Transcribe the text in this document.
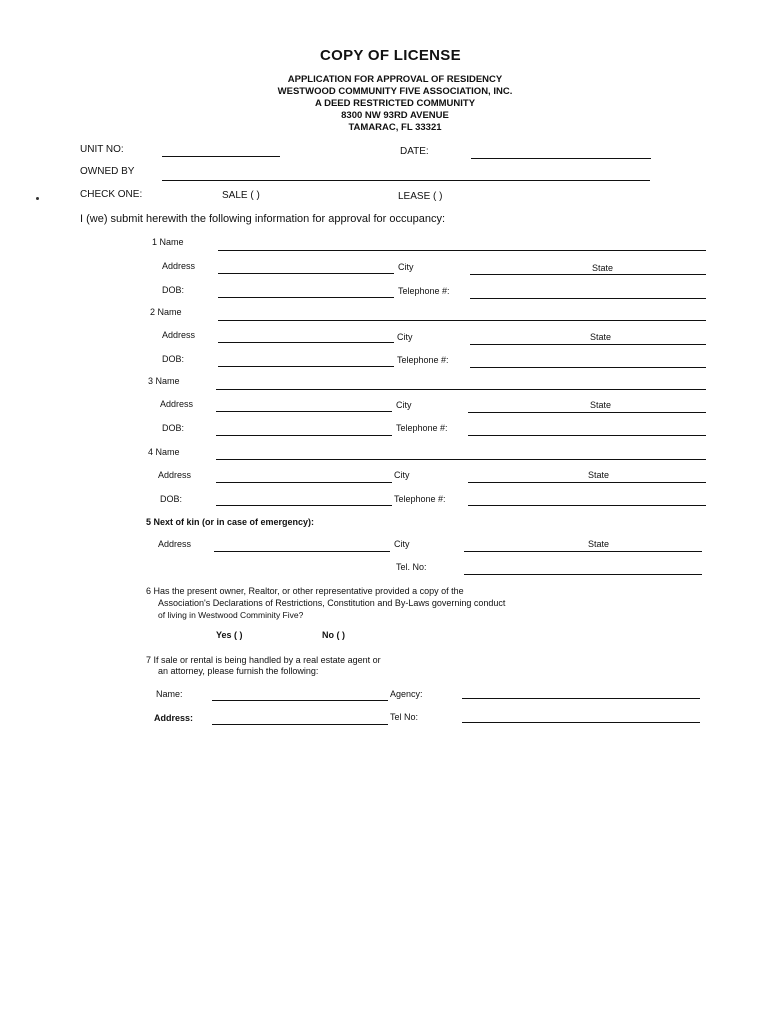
COPY OF LICENSE
APPLICATION FOR APPROVAL OF RESIDENCY
WESTWOOD COMMUNITY FIVE ASSOCIATION, INC.
A DEED RESTRICTED COMMUNITY
8300 NW 93RD AVENUE
TAMARAC, FL 33321
UNIT NO:	DATE:
OWNED BY
CHECK ONE:	SALE ( )	LEASE ( )
I (we) submit herewith the following information for approval for occupancy:
1 Name
Address	City	State
DOB:	Telephone #:
2 Name
Address	City	State
DOB:	Telephone #:
3 Name
Address	City	State
DOB:	Telephone #:
4 Name
Address	City	State
DOB:	Telephone #:
5 Next of kin (or in case of emergency):
Address	City	State
Tel. No:
6 Has the present owner, Realtor, or other representative provided a copy of the
Association's Declarations of Restrictions, Constitution and By-Laws governing conduct
of living in Westwood Comminity Five?
Yes ( )	No ( )
7 If sale or rental is being handled by a real estate agent or
an attorney, please furnish the following:
Name:	Agency:
Address:	Tel No:
